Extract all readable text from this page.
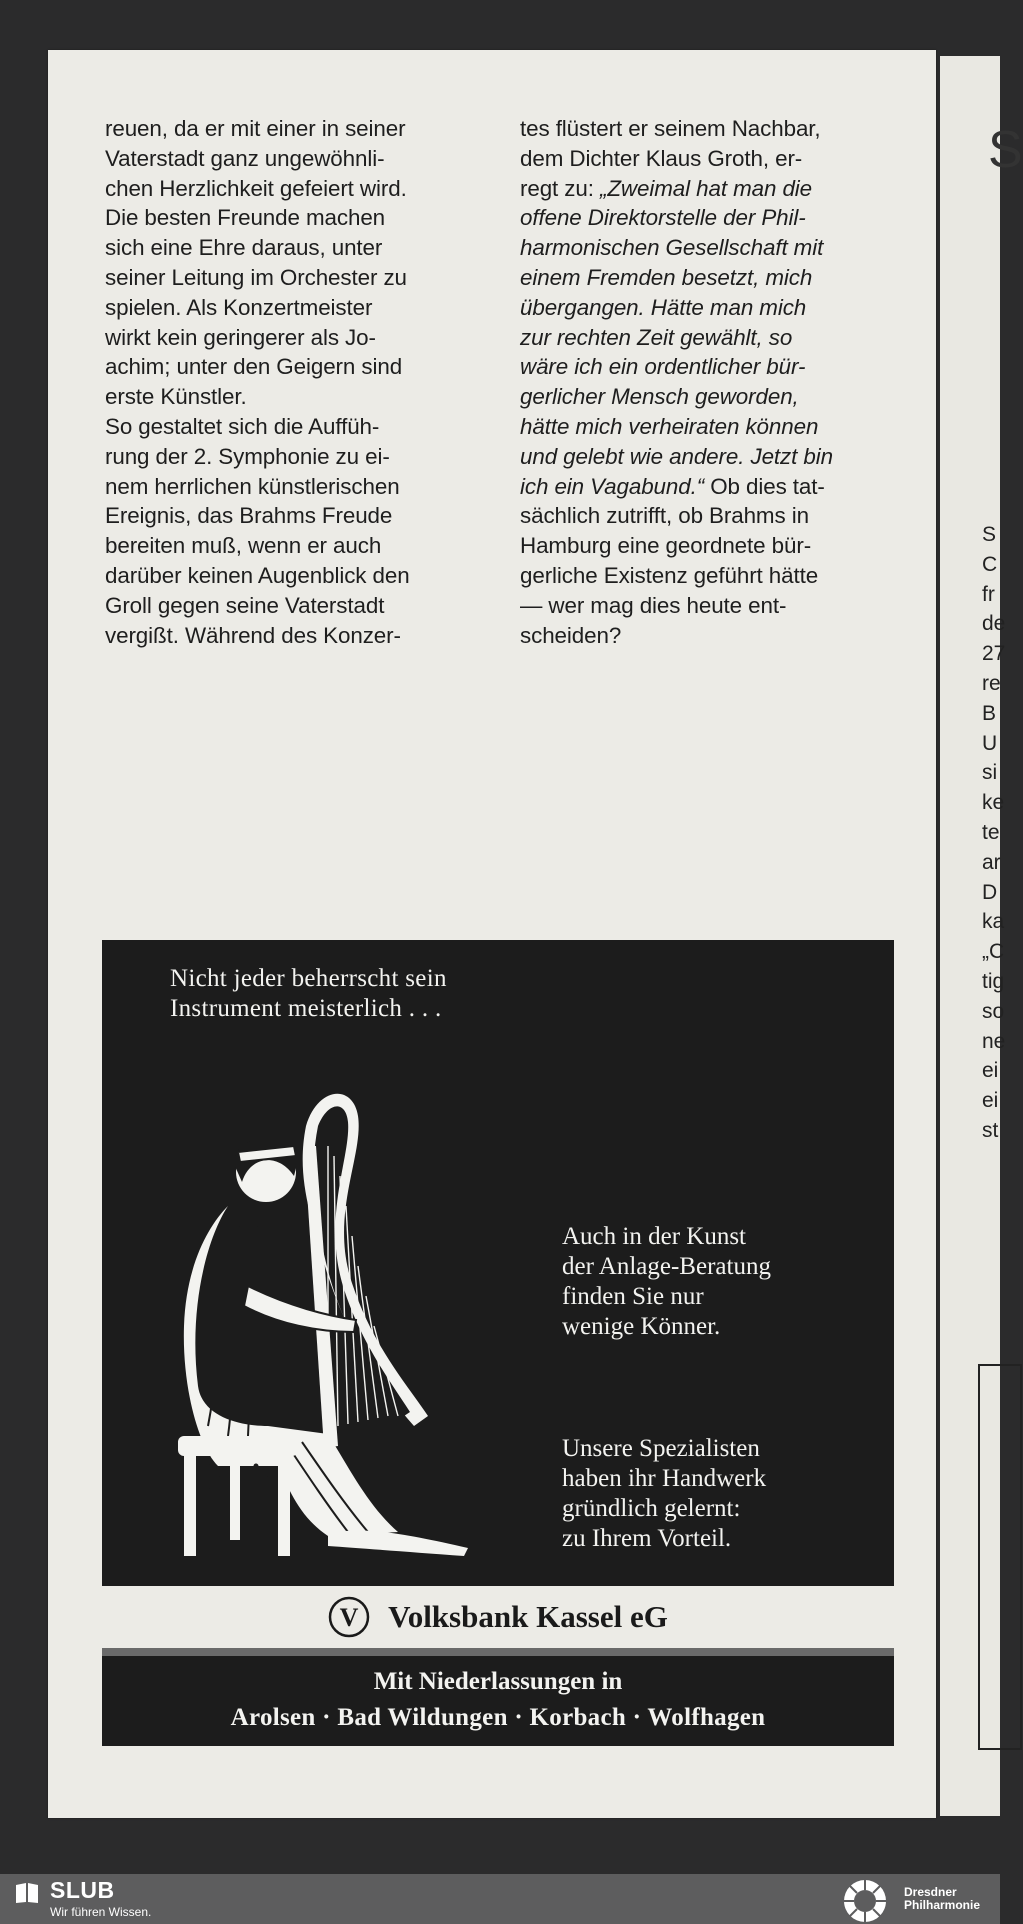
reuen, da er mit einer in seiner
Vaterstadt ganz ungewöhnli-
chen Herzlichkeit gefeiert wird.
Die besten Freunde machen
sich eine Ehre daraus, unter
seiner Leitung im Orchester zu
spielen. Als Konzertmeister
wirkt kein geringerer als Jo-
achim; unter den Geigern sind
erste Künstler.
So gestaltet sich die Auffüh-
rung der 2. Symphonie zu ei-
nem herrlichen künstlerischen
Ereignis, das Brahms Freude
bereiten muß, wenn er auch
darüber keinen Augenblick den
Groll gegen seine Vaterstadt
vergißt. Während des Konzer-
tes flüstert er seinem Nachbar,
dem Dichter Klaus Groth, er-
regt zu: „Zweimal hat man die
offene Direktorstelle der Phil-
harmonischen Gesellschaft mit
einem Fremden besetzt, mich
übergangen. Hätte man mich
zur rechten Zeit gewählt, so
wäre ich ein ordentlicher bür-
gerlicher Mensch geworden,
hätte mich verheiraten können
und gelebt wie andere. Jetzt bin
ich ein Vagabund.“ Ob dies tat-
sächlich zutrifft, ob Brahms in
Hamburg eine geordnete bür-
gerliche Existenz geführt hätte
— wer mag dies heute ent-
scheiden?
Nicht jeder beherrscht sein
Instrument meisterlich . . .
Auch in der Kunst
der Anlage-Beratung
finden Sie nur
wenige Könner.
Unsere Spezialisten
haben ihr Handwerk
gründlich gelernt:
zu Ihrem Vorteil.
V Volksbank Kassel eG
Mit Niederlassungen in
Arolsen · Bad Wildungen · Korbach · Wolfhagen
S
S
C
fr
de
27
re
B
U
si
ke
te
ar
D
ka
„C
tig
so
ne
ei
ei
st
SLUB
Wir führen Wissen.
Dresdner
Philharmonie
